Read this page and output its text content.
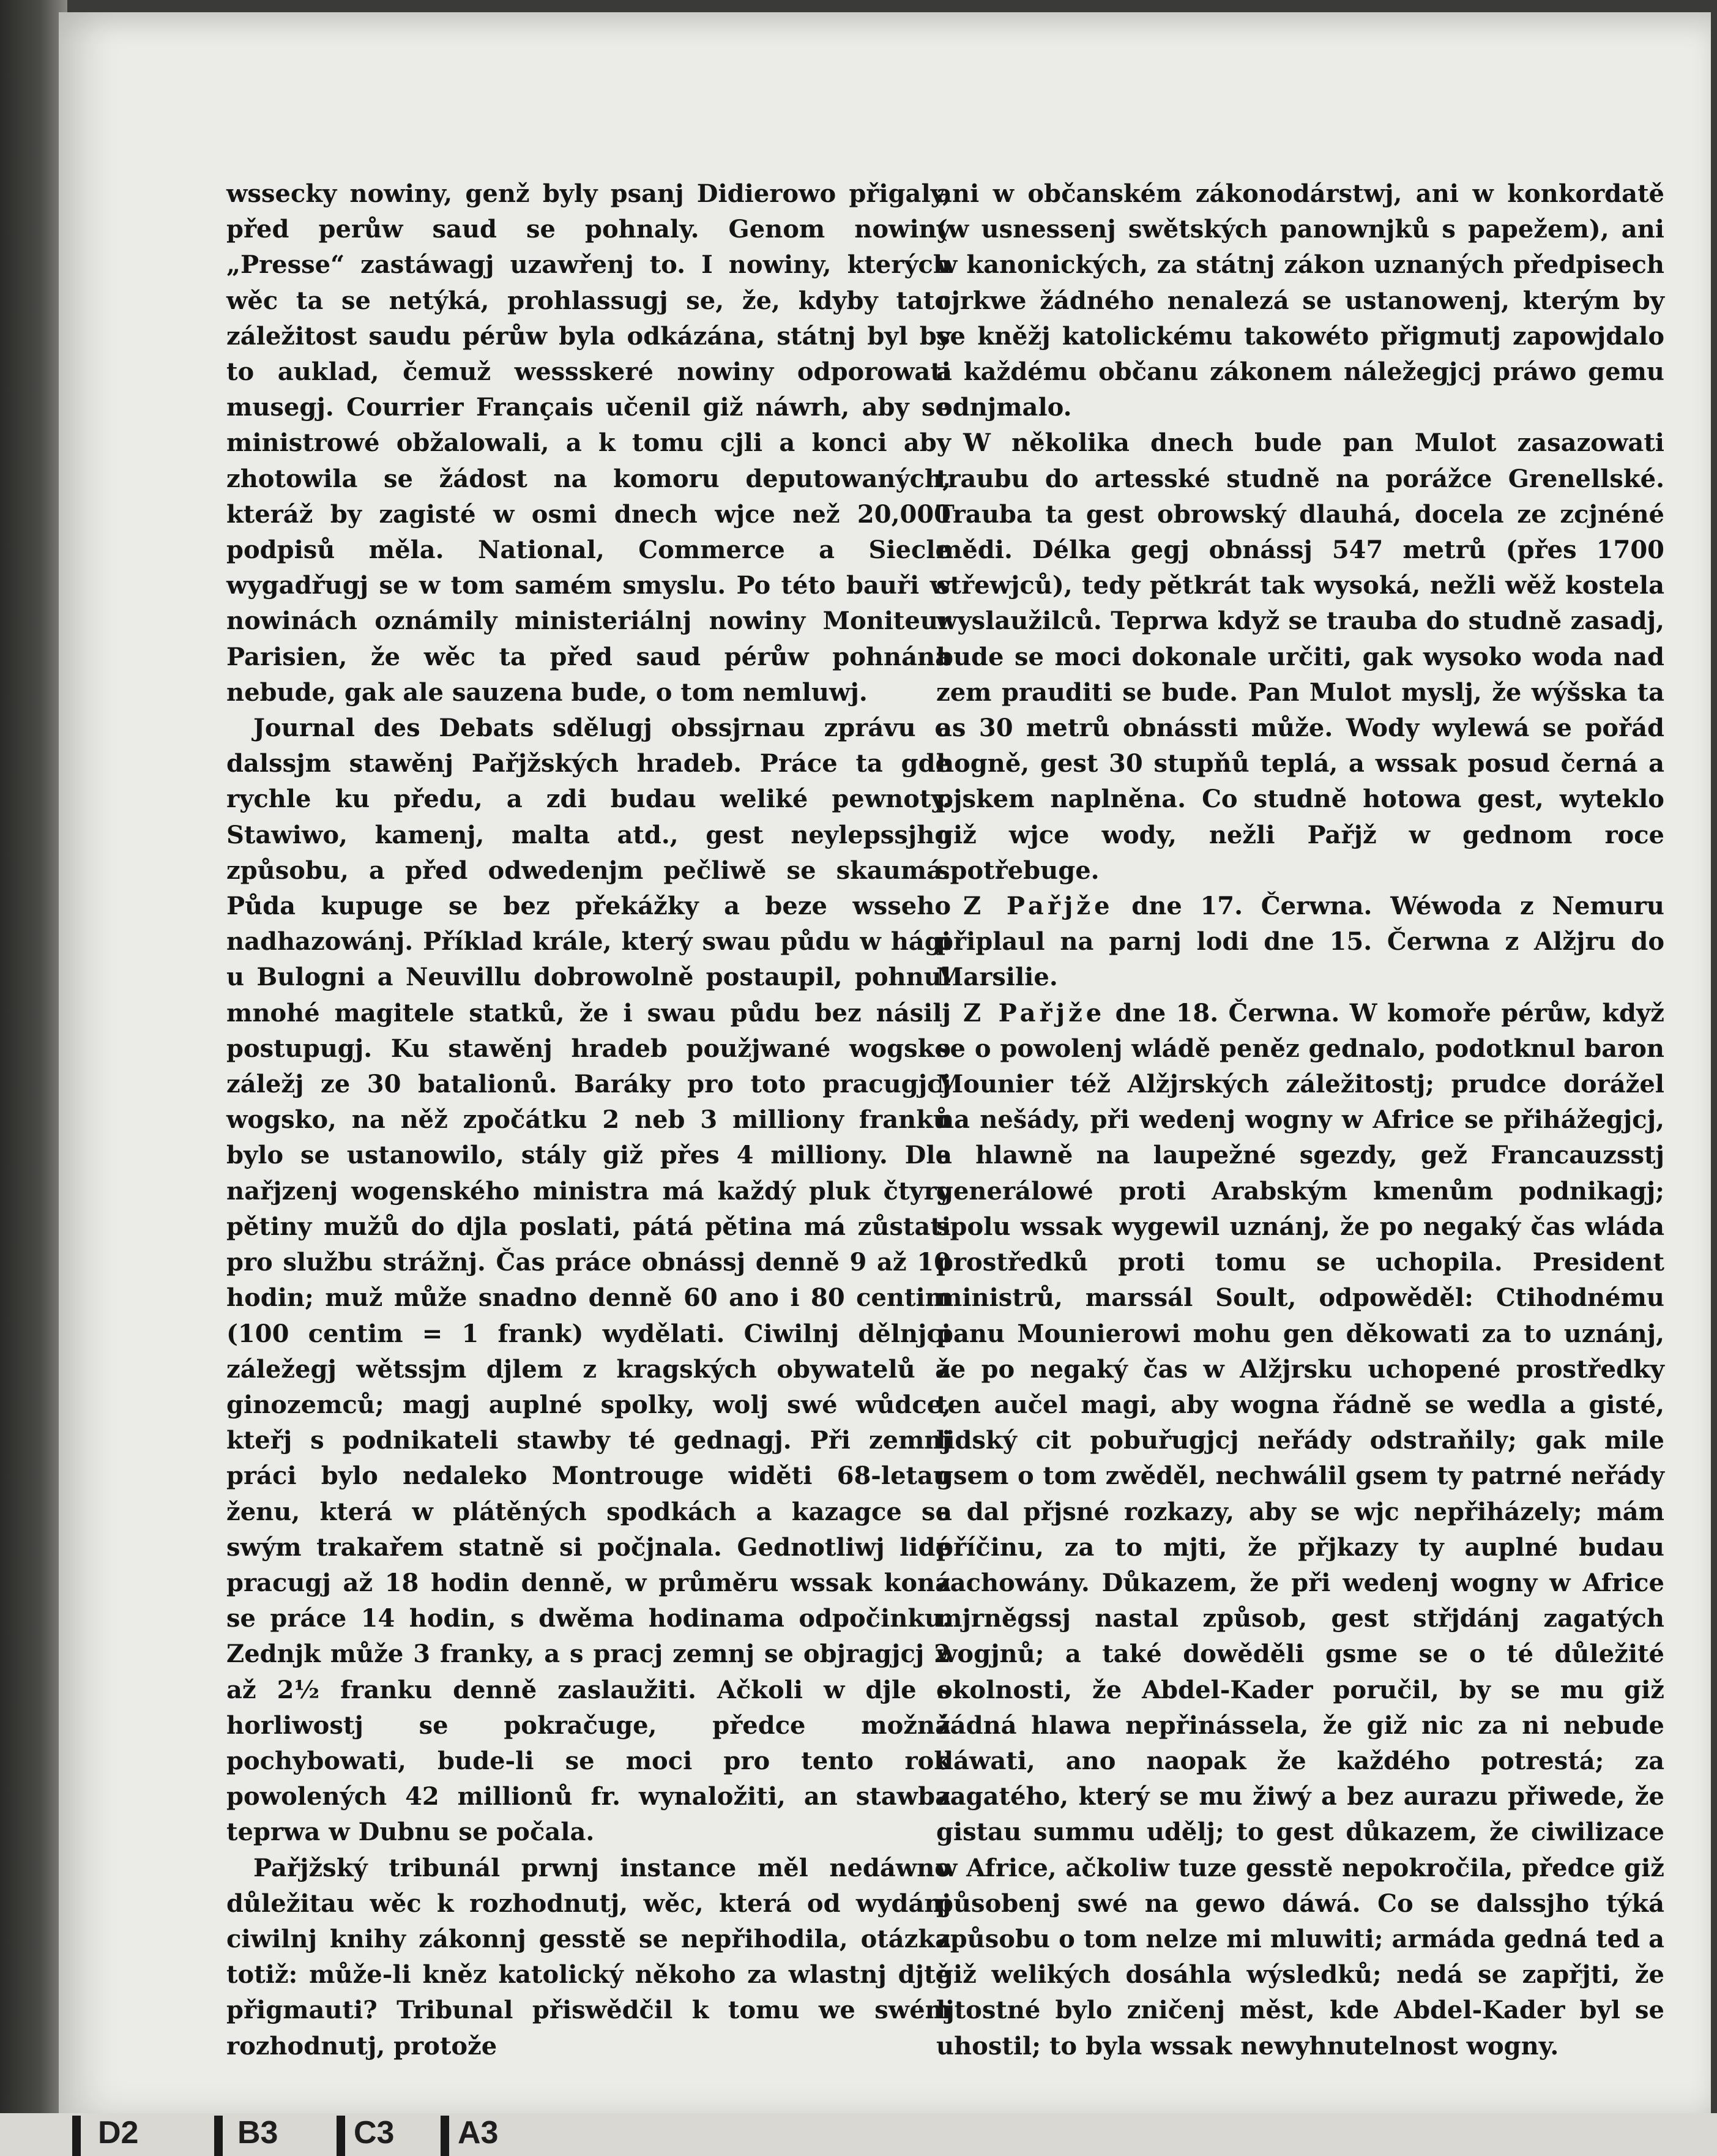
wssecky nowiny, genž byly psanj Didierowo přigaly, před perůw saud se pohnaly. Genom nowiny „Presse“ zastáwagj uzawřenj to. I nowiny, kterých wěc ta se netýká, prohlassugj se, že, kdyby tato záležitost saudu pérůw byla odkázána, státnj byl by to auklad, čemuž wessskeré nowiny odporowati musegj. Courrier Français učenil giž náwrh, aby se ministrowé obžalowali, a k tomu cjli a konci aby zhotowila se žádost na komoru deputowaných, kteráž by zagisté w osmi dnech wjce než 20,000 podpisů měla. National, Commerce a Siecle wygadřugj se w tom samém smyslu. Po této bauři w nowinách oznámily ministeriálnj nowiny Moniteur Parisien, že wěc ta před saud pérůw pohnána nebude, gak ale sauzena bude, o tom nemluwj.

Journal des Debats sdělugj obssjrnau zprávu o dalssjm stawěnj Pařjžských hradeb. Práce ta gde rychle ku předu, a zdi budau weliké pewnoty. Stawiwo, kamenj, malta atd., gest neylepssjho způsobu, a před odwedenjm pečliwě se skaumá. Půda kupuge se bez překážky a beze wsseho nadhazowánj. Příklad krále, který swau půdu w hági u Bulogni a Neuvillu dobrowolně postaupil, pohnul mnohé magitele statků, že i swau půdu bez násilj postupugj. Ku stawěnj hradeb použjwané wogsko záležj ze 30 batalionů. Baráky pro toto pracugjcj wogsko, na něž zpočátku 2 neb 3 milliony franků bylo se ustanowilo, stály giž přes 4 milliony. Dle nařjzenj wogenského ministra má každý pluk čtyry pětiny mužů do djla poslati, pátá pětina má zůstati pro službu strážnj. Čas práce obnássj denně 9 až 10 hodin; muž může snadno denně 60 ano i 80 centim (100 centim = 1 frank) wydělati. Ciwilnj dělnjci záležegj wětssjm djlem z kragských obywatelů a ginozemců; magj auplné spolky, wolj swé wůdce, kteřj s podnikateli stawby té gednagj. Při zemnj práci bylo nedaleko Montrouge widěti 68-letau ženu, která w plátěných spodkách a kazagce se swým trakařem statně si počjnala. Gednotliwj lidé pracugj až 18 hodin denně, w průměru wssak koná se práce 14 hodin, s dwěma hodinama odpočinku. Zednjk může 3 franky, a s pracj zemnj se objragjcj 2 až 2½ franku denně zaslaužiti. Ačkoli w djle s horliwostj se pokračuge, předce možná pochybowati, bude-li se moci pro tento rok powolených 42 millionů fr. wynaložiti, an stawba teprwa w Dubnu se počala.

Pařjžský tribunál prwnj instance měl nedáwno důležitau wěc k rozhodnutj, wěc, která od wydánj ciwilnj knihy zákonnj gesstě se nepřihodila, otázka totiž: může-li kněz katolický někoho za wlastnj djtě přigmauti? Tribunal přiswědčil k tomu we swém rozhodnutj, protože

ani w občanském zákonodárstwj, ani w konkordatě (w usnessenj swětských panownjků s papežem), ani w kanonických, za státnj zákon uznaných předpisech cjrkwe žádného nenalezá se ustanowenj, kterým by se kněžj katolickému takowéto přigmutj zapowjdalo a každému občanu zákonem náležegjcj práwo gemu odnjmalo.

W několika dnech bude pan Mulot zasazowati traubu do artesské studně na porážce Grenellské. Trauba ta gest obrowský dlauhá, docela ze zcjnéné mědi. Délka gegj obnássj 547 metrů (přes 1700 střewjců), tedy pětkrát tak wysoká, nežli wěž kostela wyslaužilců. Teprwa když se trauba do studně zasadj, bude se moci dokonale určiti, gak wysoko woda nad zem prauditi se bude. Pan Mulot myslj, že wýšska ta as 30 metrů obnássti může. Wody wylewá se pořád hogně, gest 30 stupňů teplá, a wssak posud černá a pjskem naplněna. Co studně hotowa gest, wyteklo giž wjce wody, nežli Pařjž w gednom roce spotřebuge.

Z Pařjže dne 17. Čerwna. Wéwoda z Nemuru připlaul na parnj lodi dne 15. Čerwna z Alžjru do Marsilie.

Z Pařjže dne 18. Čerwna. W komoře pérůw, když se o powolenj wládě peněz gednalo, podotknul baron Mounier též Alžjrských záležitostj; prudce dorážel na nešády, při wedenj wogny w Africe se přihážegjcj, a hlawně na laupežné sgezdy, gež Francauzsstj generálowé proti Arabským kmenům podnikagj; spolu wssak wygewil uznánj, že po negaký čas wláda prostředků proti tomu se uchopila. President ministrů, marssál Soult, odpowěděl: Ctihodnému panu Mounierowi mohu gen děkowati za to uznánj, že po negaký čas w Alžjrsku uchopené prostředky ten aučel magi, aby wogna řádně se wedla a gisté, lidský cit pobuřugjcj neřády odstraňily; gak mile gsem o tom zwěděl, nechwálil gsem ty patrné neřády a dal přjsné rozkazy, aby se wjc nepřiházely; mám příčinu, za to mjti, že přjkazy ty auplné budau zachowány. Důkazem, že při wedenj wogny w Africe mjrněgssj nastal způsob, gest střjdánj zagatých wogjnů; a také dowěděli gsme se o té důležité okolnosti, že Abdel-Kader poručil, by se mu giž žádná hlawa nepřinássela, že giž nic za ni nebude dáwati, ano naopak že každého potrestá; za zagatého, který se mu žiwý a bez aurazu přiwede, že gistau summu udělj; to gest důkazem, že ciwilizace w Africe, ačkoliw tuze gesstě nepokročila, předce giž působenj swé na gewo dáwá. Co se dalssjho týká způsobu o tom nelze mi mluwiti; armáda gedná ted a giž welikých dosáhla wýsledků; nedá se zapřjti, že ljtostné bylo zničenj měst, kde Abdel-Kader byl se uhostil; to byla wssak newyhnutelnost wogny.

D2	B3 C3 A3
